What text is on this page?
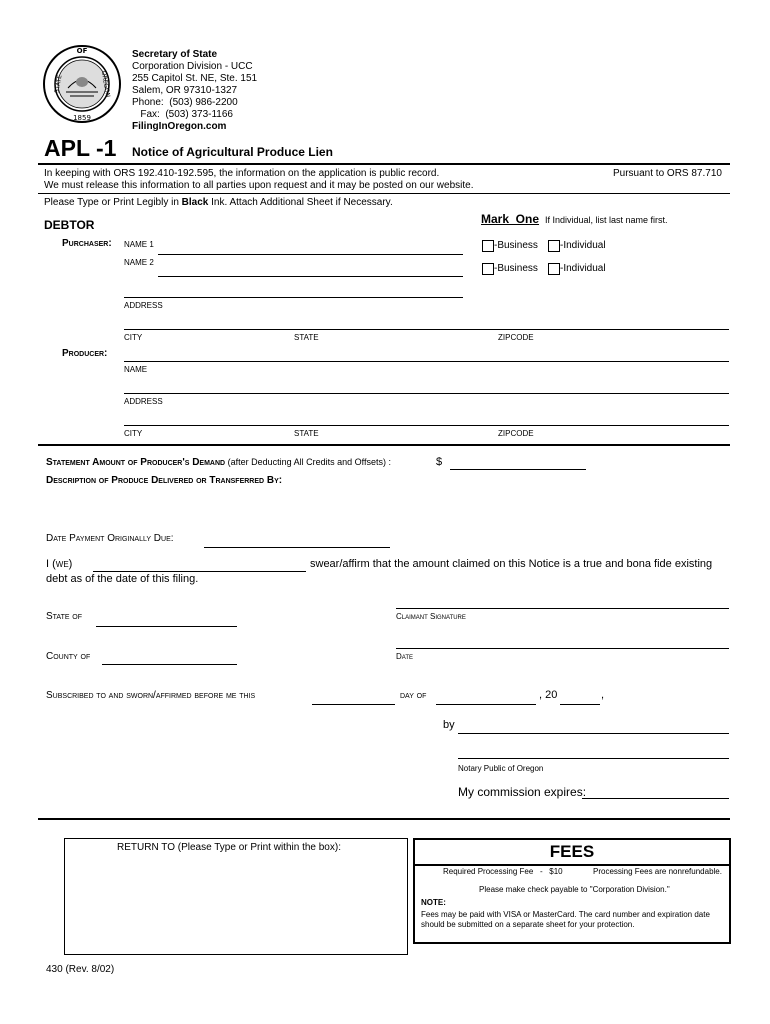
OF
STATE	OREGON
1859
Secretary of State
Corporation Division - UCC
255 Capitol St. NE, Ste. 151
Salem, OR 97310-1327
Phone:  (503) 986-2200
Fax:  (503) 373-1166
FilingInOregon.com
APL -1 Notice of Agricultural Produce Lien
In keeping with ORS 192.410-192.595, the information on the application is public record.
We must release this information to all parties upon request and it may be posted on our website.
Pursuant to ORS 87.710
Please Type or Print Legibly in Black Ink. Attach Additional Sheet if Necessary.
DEBTOR	Mark  One If Individual, list last name first.
Purchaser: NAME 1	-Business -Individual
NAME 2
-Business -Individual
ADDRESS
CITY	STATE	ZIPCODE
Producer:
NAME
ADDRESS
CITY	STATE	ZIPCODE
Statement Amount of Producer's Demand (after Deducting All Credits and Offsets) :	$
Description of Produce Delivered or Transferred By:
Date Payment Originally Due:
I (we)	swear/affirm that the amount claimed on this Notice is a true and bona fide existing
debt as of the date of this filing.
Claimant Signature
State of
Date
County of
Subscribed to and sworn/affirmed before me this	day of	, 20	,
by
Notary Public of Oregon
My commission expires:
RETURN TO (Please Type or Print within the box):	FEES
Required Processing Fee   -   $10	Processing Fees are nonrefundable.
Please make check payable to "Corporation Division."
NOTE:
Fees may be paid with VISA or MasterCard. The card number and expiration date
should be submitted on a separate sheet for your protection.
430 (Rev. 8/02)
